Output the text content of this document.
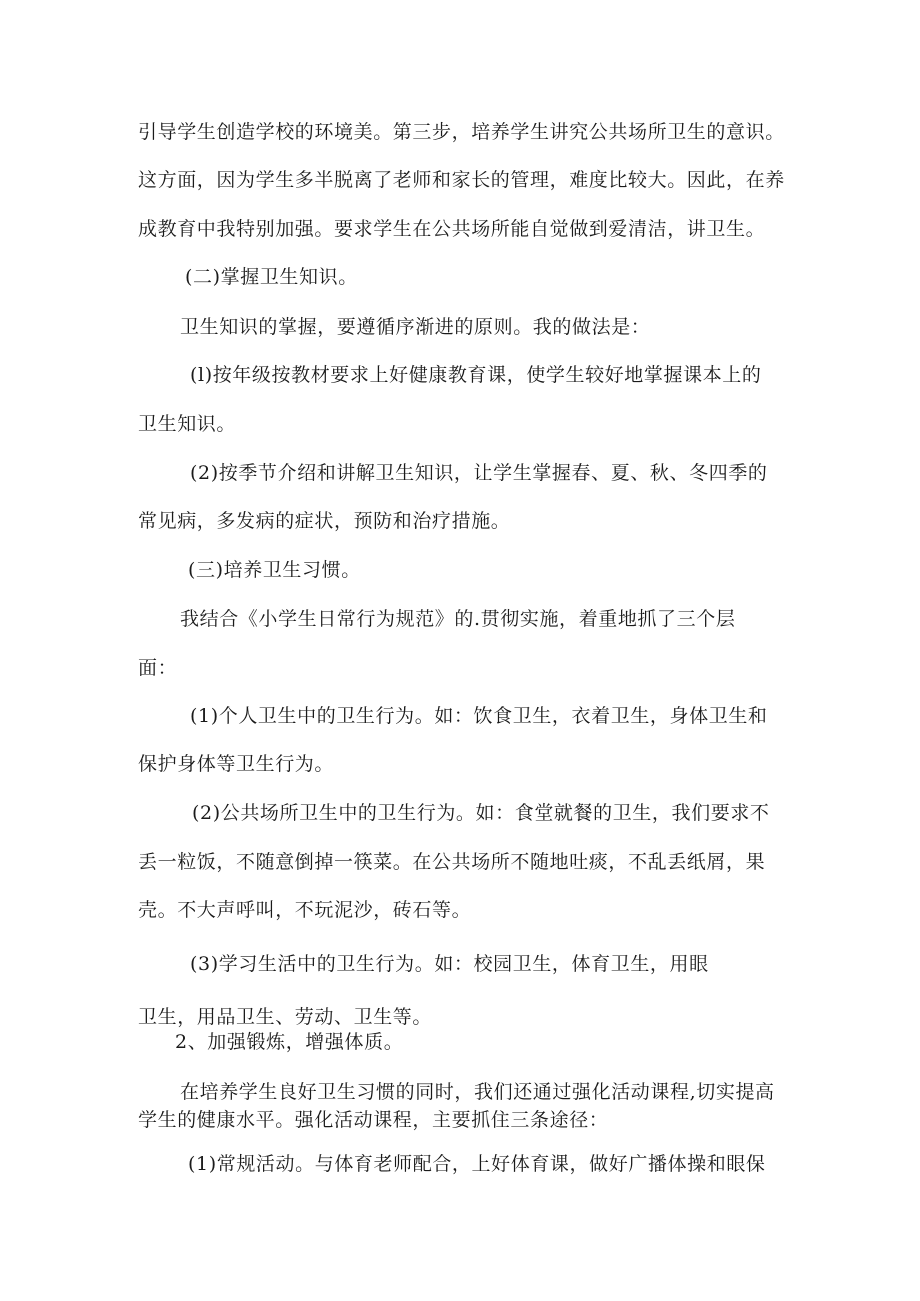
引导学生创造学校的环境美。第三步，培养学生讲究公共场所卫生的意识。
这方面，因为学生多半脱离了老师和家长的管理，难度比较大。因此，在养
成教育中我特别加强。要求学生在公共场所能自觉做到爱清洁，讲卫生。
(二)掌握卫生知识。
卫生知识的掌握，要遵循序渐进的原则。我的做法是：
(l)按年级按教材要求上好健康教育课，使学生较好地掌握课本上的
卫生知识。
(2)按季节介绍和讲解卫生知识，让学生掌握春、夏、秋、冬四季的
常见病，多发病的症状，预防和治疗措施。
(三)培养卫生习惯。
我结合《小学生日常行为规范》的.贯彻实施，着重地抓了三个层
面：
(1)个人卫生中的卫生行为。如：饮食卫生，衣着卫生，身体卫生和
保护身体等卫生行为。
(2)公共场所卫生中的卫生行为。如：食堂就餐的卫生，我们要求不
丢一粒饭，不随意倒掉一筷菜。在公共场所不随地吐痰，不乱丢纸屑，果
壳。不大声呼叫，不玩泥沙，砖石等。
(3)学习生活中的卫生行为。如：校园卫生，体育卫生，用眼
卫生，用品卫生、劳动、卫生等。
2、加强锻炼，增强体质。
在培养学生良好卫生习惯的同时，我们还通过强化活动课程,切实提高
学生的健康水平。强化活动课程，主要抓住三条途径：
(1)常规活动。与体育老师配合，上好体育课，做好广播体操和眼保
